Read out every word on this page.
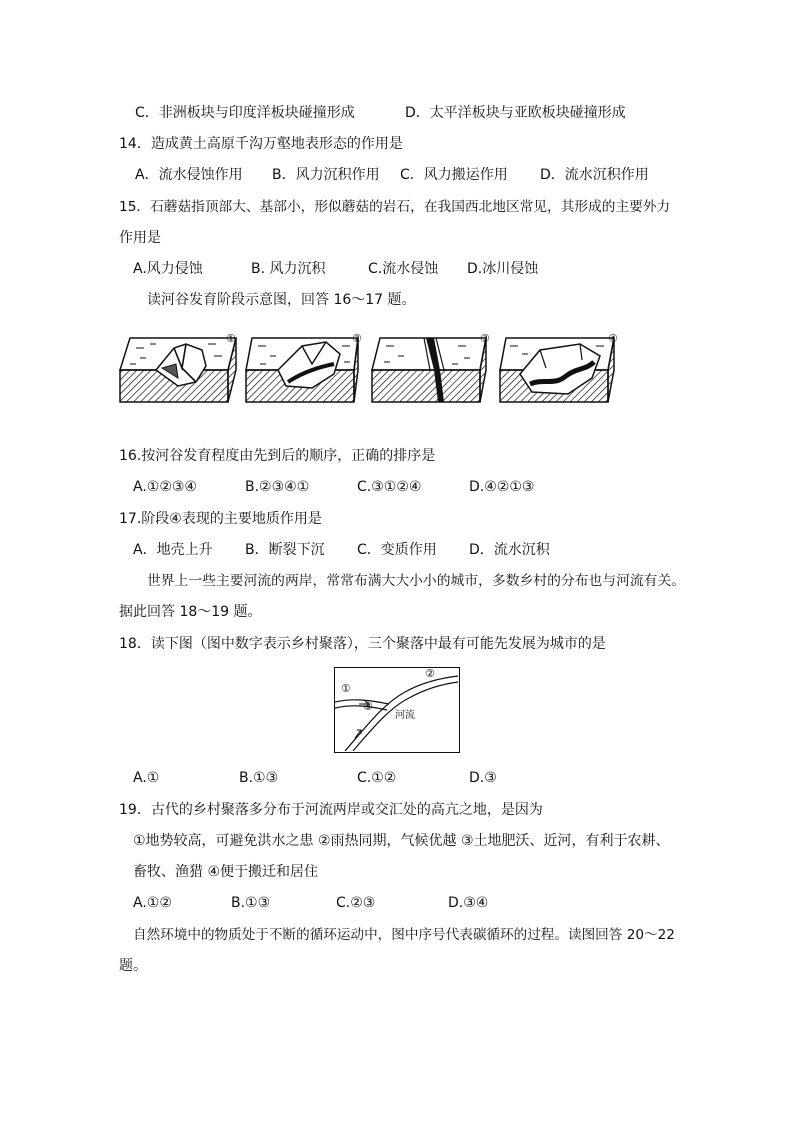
C．非洲板块与印度洋板块碰撞形成	D．太平洋板块与亚欧板块碰撞形成
14．造成黄土高原千沟万壑地表形态的作用是
A．流水侵蚀作用 B．风力沉积作用 C．风力搬运作用 D．流水沉积作用
15．石蘑菇指顶部大、基部小，形似蘑菇的岩石，在我国西北地区常见，其形成的主要外力
作用是
A.风力侵蚀	B. 风力沉积	C.流水侵蚀 D.冰川侵蚀
读河谷发育阶段示意图，回答 16～17 题。
①	②	③	④
16.按河谷发育程度由先到后的顺序，正确的排序是
A.①②③④	B.②③④①	C.③①②④	D.④②①③
17.阶段④表现的主要地质作用是
A．地壳上升 B．断裂下沉 C．变质作用 D．流水沉积
世界上一些主要河流的两岸，常常布满大大小小的城市，多数乡村的分布也与河流有关。
据此回答 18～19 题。
18．读下图（图中数字表示乡村聚落），三个聚落中最有可能先发展为城市的是
①
②
③
河流
A.①	B.①③	C.①②	D.③
19．古代的乡村聚落多分布于河流两岸或交汇处的高亢之地，是因为
①地势较高，可避免洪水之患 ②雨热同期，气候优越 ③土地肥沃、近河，有利于农耕、
畜牧、渔猎 ④便于搬迁和居住
A.①②	B.①③	C.②③	D.③④
自然环境中的物质处于不断的循环运动中，图中序号代表碳循环的过程。读图回答 20～22
题。
